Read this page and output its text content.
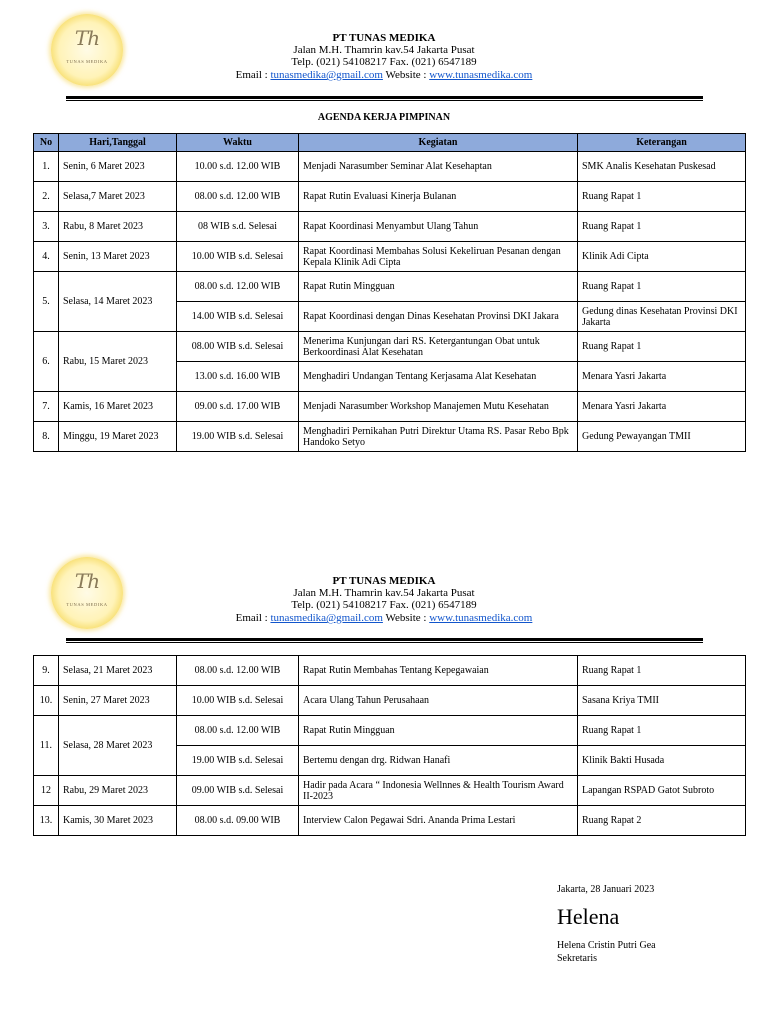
Th
TUNAS MEDIKA
PT TUNAS MEDIKA
Jalan M.H. Thamrin kav.54 Jakarta Pusat
Telp. (021) 54108217 Fax. (021) 6547189
Email : tunasmedika@gmail.com Website : www.tunasmedika.com
AGENDA KERJA PIMPINAN
No	Hari,Tanggal	Waktu	Kegiatan	Keterangan
1.	Senin, 6 Maret 2023	10.00 s.d. 12.00 WIB	Menjadi Narasumber Seminar Alat Kesehaptan	SMK Analis Kesehatan Puskesad
2.	Selasa,7 Maret 2023	08.00 s.d. 12.00 WIB	Rapat Rutin Evaluasi Kinerja Bulanan	Ruang Rapat 1
3.	Rabu, 8 Maret 2023	08 WIB s.d. Selesai	Rapat Koordinasi Menyambut Ulang Tahun	Ruang Rapat 1
4.	Senin, 13 Maret 2023	10.00 WIB s.d. Selesai	Rapat Koordinasi Membahas Solusi Kekeliruan Pesanan dengan Kepala Klinik Adi Cipta	Klinik Adi Cipta
5.	Selasa, 14 Maret 2023	08.00 s.d. 12.00 WIB	Rapat Rutin Mingguan	Ruang Rapat 1
		14.00 WIB s.d. Selesai	Rapat Koordinasi dengan Dinas Kesehatan Provinsi DKI Jakara	Gedung dinas Kesehatan Provinsi DKI Jakarta
6.	Rabu, 15 Maret 2023	08.00 WIB s.d. Selesai	Menerima Kunjungan dari RS. Ketergantungan Obat untuk Berkoordinasi Alat Kesehatan	Ruang Rapat 1
		13.00 s.d. 16.00 WIB	Menghadiri Undangan Tentang Kerjasama Alat Kesehatan	Menara Yasri Jakarta
7.	Kamis, 16 Maret 2023	09.00 s.d. 17.00 WIB	Menjadi Narasumber Workshop Manajemen Mutu Kesehatan	Menara Yasri Jakarta
8.	Minggu, 19 Maret 2023	19.00 WIB s.d. Selesai	Menghadiri Pernikahan Putri Direktur Utama RS. Pasar Rebo Bpk Handoko Setyo	Gedung Pewayangan TMII
Th
TUNAS MEDIKA
PT TUNAS MEDIKA
Jalan M.H. Thamrin kav.54 Jakarta Pusat
Telp. (021) 54108217 Fax. (021) 6547189
Email : tunasmedika@gmail.com Website : www.tunasmedika.com
9.	Selasa, 21 Maret 2023	08.00 s.d. 12.00 WIB	Rapat Rutin Membahas Tentang Kepegawaian	Ruang Rapat 1
10.	Senin, 27 Maret 2023	10.00 WIB s.d. Selesai	Acara Ulang Tahun Perusahaan	Sasana Kriya TMII
11.	Selasa, 28 Maret 2023	08.00 s.d. 12.00 WIB	Rapat Rutin Mingguan	Ruang Rapat 1
		19.00 WIB s.d. Selesai	Bertemu dengan drg. Ridwan Hanafi	Klinik Bakti Husada
12	Rabu, 29 Maret 2023	09.00 WIB s.d. Selesai	Hadir pada Acara “ Indonesia Wellnnes & Health Tourism Award II-2023	Lapangan RSPAD Gatot Subroto
13.	Kamis, 30 Maret 2023	08.00 s.d. 09.00 WIB	Interview Calon Pegawai Sdri. Ananda Prima Lestari	Ruang Rapat 2
Jakarta, 28 Januari 2023
Helena
Helena Cristin Putri Gea
Sekretaris
